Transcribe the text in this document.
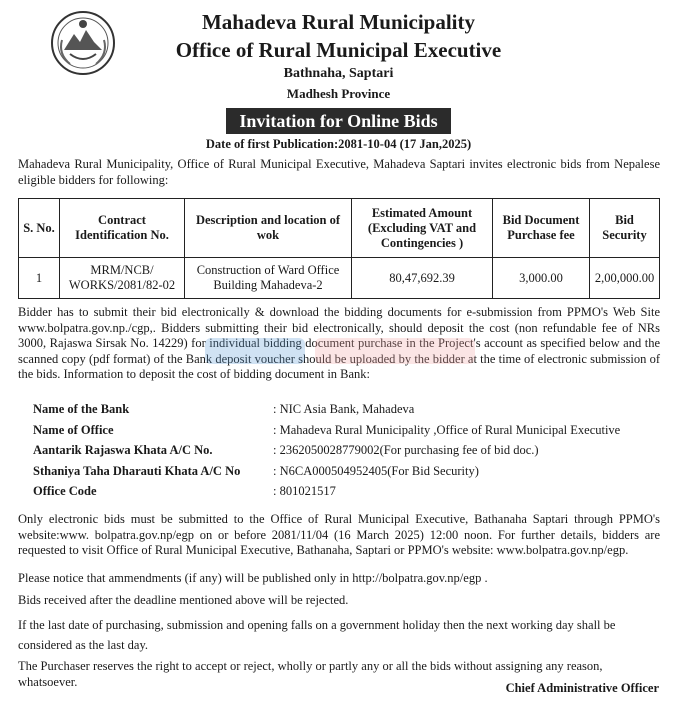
Mahadeva Rural Municipality
Office of Rural Municipal Executive
Bathnaha, Saptari
Madhesh Province
Invitation for Online Bids
Date of first Publication:2081-10-04 (17 Jan,2025)
Mahadeva Rural Municipality, Office of Rural Municipal Executive, Mahadeva Saptari invites electronic bids from Nepalese eligible bidders for following:
S. No.	Contract Identification No.	Description and location of wok	Estimated Amount (Excluding VAT and Contingencies )	Bid Document Purchase fee	Bid Security
1	MRM/NCB/ WORKS/2081/82-02	Construction of Ward Office Building Mahadeva-2	80,47,692.39	3,000.00	2,00,000.00
Bidder has to submit their bid electronically & download the bidding documents for e-submission from PPMO's Web Site www.bolpatra.gov.np./cgp,. Bidders submitting their bid electronically, should deposit the cost (non refundable fee of NRs 3000, Rajaswa Sirsak No. 14229) for individual bidding document purchase in the Project's account as specified below and the scanned copy (pdf format) of the Bank deposit voucher should be uploaded by the bidder at the time of electronic submission of the bids. Information to deposit the cost of bidding document in Bank:
Name of the Bank	: NIC Asia Bank, Mahadeva
Name of Office	: Mahadeva Rural Municipality ,Office of Rural Municipal Executive
Aantarik Rajaswa Khata A/C No.	: 2362050028779002(For purchasing fee of bid doc.)
Sthaniya Taha Dharauti Khata A/C No	: N6CA000504952405(For Bid Security)
Office Code	: 801021517
Only electronic bids must be submitted to the Office of Rural Municipal Executive, Bathanaha Saptari through PPMO's website:www. bolpatra.gov.np/egp on or before 2081/11/04 (16 March 2025) 12:00 noon. For further details, bidders are requested to visit Office of Rural Municipal Executive, Bathanaha, Saptari or PPMO's website: www.bolpatra.gov.np/egp.
Please notice that ammendments (if any) will be published only in http://bolpatra.gov.np/egp .
Bids received after the deadline mentioned above will be rejected.
If the last date of purchasing, submission and opening falls on a government holiday then the next working day shall be considered as the last day.
The Purchaser reserves the right to accept or reject, wholly or partly any or all the bids without assigning any reason, whatsoever.	Chief Administrative Officer
